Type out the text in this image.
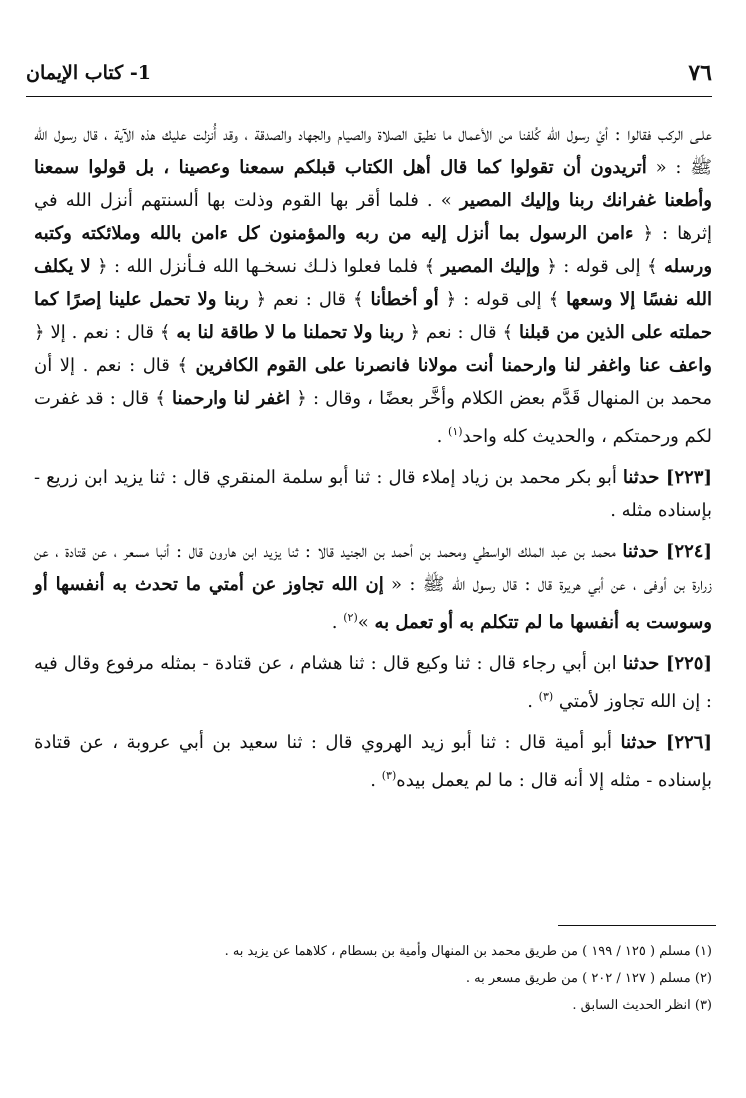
٧٦
1- كتاب الإيمان

علـى الركب فقالوا : أيْ رسول الله كُلفنا من الأعمال ما نطيق الصلاة والصيام والجهاد والصدقة ، وقد أُنزلت عليك هذه الآية ، قال رسول الله ﷺ : « أتريدون أن تقولوا كما قال أهل الكتاب قبلكم سمعنا وعصينا ، بل قولوا سمعنا وأطعنا غفرانك ربنا وإليك المصير » . فلما أقر بها القوم وذلت بها ألسنتهم أنزل الله في إثرها : ﴿ ءامن الرسول بما أنزل إليه من ربه والمؤمنون كل ءامن بالله وملائكته وكتبه ورسله ﴾ إلى قوله : ﴿ وإليك المصير ﴾ فلما فعلوا ذلـك نسخـها الله فـأنزل الله : ﴿ لا يكلف الله نفسًا إلا وسعها ﴾ إلى قوله : ﴿ أو أخطأنا ﴾ قال : نعم ﴿ ربنا ولا تحمل علينا إصرًا كما حملته على الذين من قبلنا ﴾ قال : نعم ﴿ ربنا ولا تحملنا ما لا طاقة لنا به ﴾ قال : نعم . إلا ﴿ واعف عنا واغفر لنا وارحمنا أنت مولانا فانصرنا على القوم الكافرين ﴾ قال : نعم . إلا أن محمد بن المنهال قَدَّم بعض الكلام وأخَّر بعضًا ، وقال : ﴿ اغفر لنا وارحمنا ﴾ قال : قد غفرت لكم ورحمتكم ، والحديث كله واحد$^{(١)}$ .

[٢٢٣] حدثنا أبو بكر محمد بن زياد إملاء قال : ثنا أبو سلمة المنقري قال : ثنا يزيد ابن زريع - بإسناده مثله .

[٢٢٤] حدثنا محمد بن عبد الملك الواسطي ومحمد بن أحمد بن الجنيد قالا : ثنا يزيد ابن هارون قال : أنبا مسعر ، عن قتادة ، عن زرارة بن أوفى ، عن أبي هريرة قال : قال رسول الله ﷺ : « إن الله تجاوز عن أمتي ما تحدث به أنفسها أو وسوست به أنفسها ما لم تتكلم به أو تعمل به »$^{(٢)}$ .

[٢٢٥] حدثنا ابن أبي رجاء قال : ثنا وكيع قال : ثنا هشام ، عن قتادة - بمثله مرفوع وقال فيه : إن الله تجاوز لأمتي $^{(٣)}$ .

[٢٢٦] حدثنا أبو أمية قال : ثنا أبو زيد الهروي قال : ثنا سعيد بن أبي عروبة ، عن قتادة بإسناده - مثله إلا أنه قال : ما لم يعمل بيده$^{(٣)}$ .

(١) مسلم ( ١٢٥ / ١٩٩ ) من طريق محمد بن المنهال وأمية بن بسطام ، كلاهما عن يزيد به .

(٢) مسلم ( ١٢٧ / ٢٠٢ ) من طريق مسعر به .

(٣) انظر الحديث السابق .
